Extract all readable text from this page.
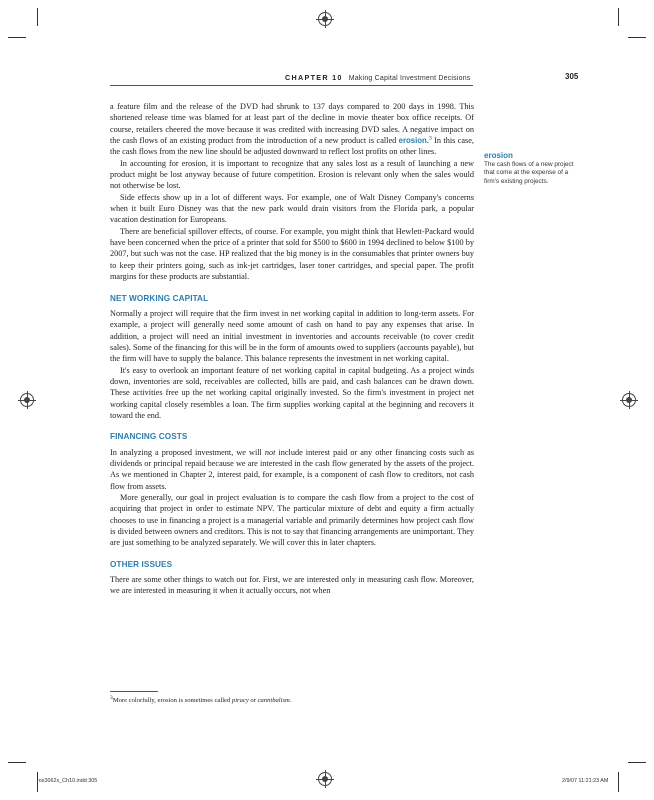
CHAPTER 10 Making Capital Investment Decisions	305

a feature film and the release of the DVD had shrunk to 137 days compared to 200 days in 1998. This shortened release time was blamed for at least part of the decline in movie theater box office receipts. Of course, retailers cheered the move because it was credited with increasing DVD sales. A negative impact on the cash flows of an existing product from the introduction of a new product is called erosion.$^3$ In this case, the cash flows from the new line should be adjusted downward to reflect lost profits on other lines.

In accounting for erosion, it is important to recognize that any sales lost as a result of launching a new product might be lost anyway because of future competition. Erosion is relevant only when the sales would not otherwise be lost.

Side effects show up in a lot of different ways. For example, one of Walt Disney Company's concerns when it built Euro Disney was that the new park would drain visitors from the Florida park, a popular vacation destination for Europeans.

There are beneficial spillover effects, of course. For example, you might think that Hewlett-Packard would have been concerned when the price of a printer that sold for $500 to $600 in 1994 declined to below $100 by 2007, but such was not the case. HP realized that the big money is in the consumables that printer owners buy to keep their printers going, such as ink-jet cartridges, laser toner cartridges, and special paper. The profit margins for these products are substantial.

NET WORKING CAPITAL

Normally a project will require that the firm invest in net working capital in addition to long-term assets. For example, a project will generally need some amount of cash on hand to pay any expenses that arise. In addition, a project will need an initial investment in inventories and accounts receivable (to cover credit sales). Some of the financing for this will be in the form of amounts owed to suppliers (accounts payable), but the firm will have to supply the balance. This balance represents the investment in net working capital.

It's easy to overlook an important feature of net working capital in capital budgeting. As a project winds down, inventories are sold, receivables are collected, bills are paid, and cash balances can be drawn down. These activities free up the net working capital originally invested. So the firm's investment in project net working capital closely resembles a loan. The firm supplies working capital at the beginning and recovers it toward the end.

FINANCING COSTS

In analyzing a proposed investment, we will not include interest paid or any other financing costs such as dividends or principal repaid because we are interested in the cash flow generated by the assets of the project. As we mentioned in Chapter 2, interest paid, for example, is a component of cash flow to creditors, not cash flow from assets.

More generally, our goal in project evaluation is to compare the cash flow from a project to the cost of acquiring that project in order to estimate NPV. The particular mixture of debt and equity a firm actually chooses to use in financing a project is a managerial variable and primarily determines how project cash flow is divided between owners and creditors. This is not to say that financing arrangements are unimportant. They are just something to be analyzed separately. We will cover this in later chapters.

OTHER ISSUES

There are some other things to watch out for. First, we are interested only in measuring cash flow. Moreover, we are interested in measuring it when it actually occurs, not when

erosion
The cash flows of a new project that come at the expense of a firm's existing projects.
$^3$More colorfully, erosion is sometimes called piracy or cannibalism.
ros3062x_Ch10.indd 305	2/9/07 11:21:23 AM
